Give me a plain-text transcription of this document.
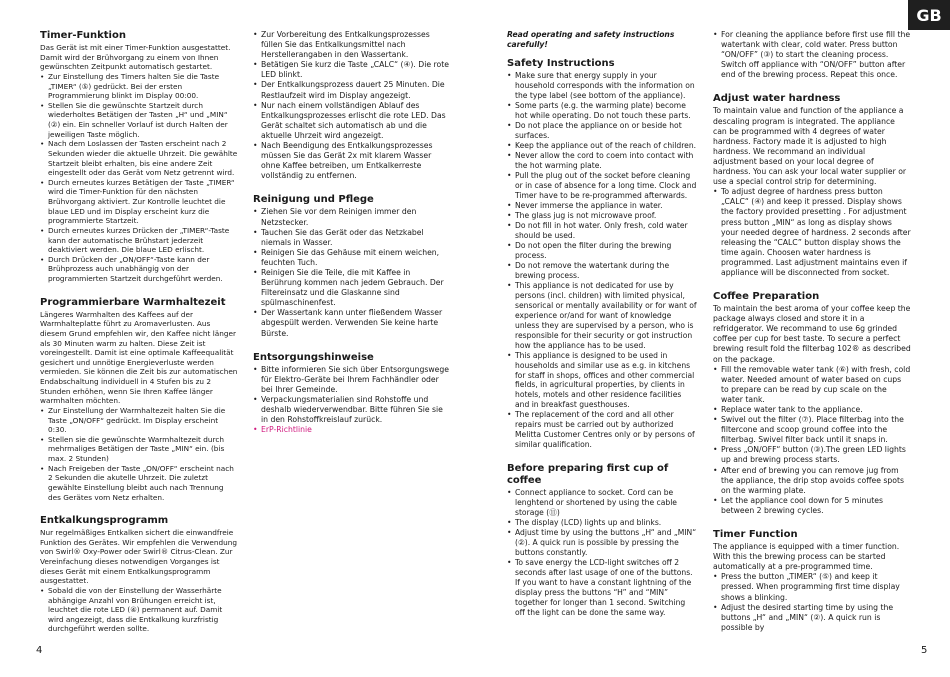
GB
Timer-Funktion

Das Gerät ist mit einer Timer-Funktion ausgestattet. Damit wird der Brühvorgang zu einem von Ihnen gewünschten Zeitpunkt automatisch gestartet.

• Zur Einstellung des Timers halten Sie die Taste „TIMER“ (⑤) gedrückt. Bei der ersten Programmierung blinkt im Display 00:00.
• Stellen Sie die gewünschte Startzeit durch wiederholtes Betätigen der Tasten „H“ und „MIN“ (②) ein. Ein schneller Vorlauf ist durch Halten der jeweiligen Taste möglich.
• Nach dem Loslassen der Tasten erscheint nach 2 Sekunden wieder die aktuelle Uhrzeit. Die gewählte Startzeit bleibt erhalten, bis eine andere Zeit eingestellt oder das Gerät vom Netz getrennt wird.
• Durch erneutes kurzes Betätigen der Taste „TIMER“ wird die Timer-Funktion für den nächsten Brühvorgang aktiviert. Zur Kontrolle leuchtet die blaue LED und im Display erscheint kurz die programmierte Startzeit.
• Durch erneutes kurzes Drücken der „TIMER“-Taste kann der automatische Brühstart jederzeit deaktiviert werden. Die blaue LED erlischt.
• Durch Drücken der „ON/OFF“-Taste kann der Brühprozess auch unabhängig von der programmierten Startzeit durchgeführt werden.
Programmierbare Warmhaltezeit

Längeres Warmhalten des Kaffees auf der Warmhalteplatte führt zu Aromaverlusten. Aus diesem Grund empfehlen wir, den Kaffee nicht länger als 30 Minuten warm zu halten. Diese Zeit ist voreingestellt. Damit ist eine optimale Kaffeequalität gesichert und unnötige Energieverluste werden vermieden. Sie können die Zeit bis zur automatischen Endabschaltung individuell in 4 Stufen bis zu 2 Stunden erhöhen, wenn Sie Ihren Kaffee länger warmhalten möchten.

• Zur Einstellung der Warmhaltezeit halten Sie die Taste „ON/OFF“ gedrückt. Im Display erscheint 0:30.
• Stellen sie die gewünschte Warmhaltezeit durch mehrmaliges Betätigen der Taste „MIN“ ein. (bis max. 2 Stunden)
• Nach Freigeben der Taste „ON/OFF“ erscheint nach 2 Sekunden die akutelle Uhrzeit. Die zuletzt gewählte Einstellung bleibt auch nach Trennung des Gerätes vom Netz erhalten.
Entkalkungsprogramm

Nur regelmäßiges Entkalken sichert die einwandfreie Funktion des Gerätes. Wir empfehlen die Verwendung von Swirl® Oxy-Power oder Swirl® Citrus-Clean. Zur Vereinfachung dieses notwendigen Vorganges ist dieses Gerät mit einem Entkalkungsprogramm ausgestattet.

• Sobald die von der Einstellung der Wasserhärte abhängige Anzahl von Brühungen erreicht ist, leuchtet die rote LED (④) permanent auf. Damit wird angezeigt, dass die Entkalkung kurzfristig durchgeführt werden sollte.
• Zur Vorbereitung des Entkalkungsprozesses füllen Sie das Entkalkungsmittel nach Herstellerangaben in den Wassertank.
• Betätigen Sie kurz die Taste „CALC“ (④). Die rote LED blinkt.
• Der Entkalkungsprozess dauert 25 Minuten. Die Restlaufzeit wird im Display angezeigt.
• Nur nach einem vollständigen Ablauf des Entkalkungsprozesses erlischt die rote LED. Das Gerät schaltet sich automatisch ab und die aktuelle Uhrzeit wird angezeigt.
• Nach Beendigung des Entkalkungsprozesses müssen Sie das Gerät 2x mit klarem Wasser ohne Kaffee betreiben, um Entkalkerreste vollständig zu entfernen.
Reinigung und Pflege
• Ziehen Sie vor dem Reinigen immer den Netzstecker.
• Tauchen Sie das Gerät oder das Netzkabel niemals in Wasser.
• Reinigen Sie das Gehäuse mit einem weichen, feuchten Tuch.
• Reinigen Sie die Teile, die mit Kaffee in Berührung kommen nach jedem Gebrauch. Der Filtereinsatz und die Glaskanne sind spülmaschinenfest.
• Der Wassertank kann unter fließendem Wasser abgespült werden. Verwenden Sie keine harte Bürste.
Entsorgungshinweise
• Bitte informieren Sie sich über Entsorgungswege für Elektro-Geräte bei Ihrem Fachhändler oder bei Ihrer Gemeinde.
• Verpackungsmaterialien sind Rohstoffe und deshalb wiederverwendbar. Bitte führen Sie sie in den Rohstoffkreislauf zurück.
• ErP-Richtlinie

Read operating and safety instructions carefully!

Safety Instructions
• Make sure that energy supply in your household corresponds with the information on the type label (see bottom of the appliance).
• Some parts (e.g. the warming plate) become hot while operating. Do not touch these parts.
• Do not place the appliance on or beside hot surfaces.
• Keep the appliance out of the reach of children.
• Never allow the cord to coem into contact with the hot warming plate.
• Pull the plug out of the socket before cleaning or in case of absence for a long time. Clock and Timer have to be re-programmed afterwards.
• Never immerse the appliance in water.
• The glass jug is not microwave proof.
• Do not fill in hot water. Only fresh, cold water should be used.
• Do not open the filter during the brewing process.
• Do not remove the watertank during the brewing process.
• This appliance is not dedicated for use by persons (incl. children) with limited physical, sensorical or mentally availability or for want of experience or/and for want of knowledge unless they are supervised by a person, who is responsible for their security or got instruction how the appliance has to be used.
• This appliance is designed to be used in households and similar use as e.g. in kitchens for staff in shops, offices and other commercial fields, in agricultural properties, by clients in hotels, motels and other residence facilities and in breakfast guesthouses.
• The replacement of the cord and all other repairs must be carried out by authorized Melitta Customer Centres only or by persons of similar qualification.
Before preparing first cup of coffee
• Connect appliance to socket. Cord can be lenghtend or shortened by using the cable storage (⑪)
• The display (LCD) lights up and blinks.
• Adjust time by using the buttons „H“ and „MIN“ (②). A quick run is possible by pressing the buttons constantly.
• To save energy the LCD-light switches off 2 seconds after last usage of one of the buttons. If you want to have a constant lightning of the display press the buttons “H” and “MIN” together for longer than 1 second. Switching off the light can be done the same way.
• For cleaning the appliance before first use fill the watertank with clear, cold water. Press button “ON/OFF” (③) to start the cleaning process. Switch off appliance with “ON/OFF” button after end of the brewing process. Repeat this once.
Adjust water hardness

To maintain value and function of the appliance a descaling program is integrated. The appliance can be programmed with 4 degrees of water hardness. Factory made it is adjusted to high hardness. We recommand an individual adjustment based on your local degree of hardness. You can ask your local water supplier or use a special control strip for determining.

• To adjust degree of hardness press button „CALC“ (④) and keep it pressed. Display shows the factory provided presetting . For adjustment press button „MIN“ as long as display shows your needed degree of hardness. 2 seconds after releasing the “CALC” button display shows the time again. Choosen water hardness is programmed. Last adjustment maintains even if appliance will be disconnected from socket.
Coffee Preparation

To maintain the best aroma of your coffee keep the package always closed and store it in a refridgerator. We recommand to use 6g grinded coffee per cup for best taste. To secure a perfect brewing result fold the filterbag 102® as described on the package.

• Fill the removable water tank (⑥) with fresh, cold water. Needed amount of water based on cups to prepare can be read by cup scale on the water tank.
• Replace water tank to the appliance.
• Swivel out the filter (⑦). Place filterbag into the filtercone and scoop ground coffee into the filterbag. Swivel filter back until it snaps in.
• Press „ON/OFF“ button (③).The green LED lights up and brewing process starts.
• After end of brewing you can remove jug from the appliance, the drip stop avoids coffee spots on the warming plate.
• Let the appliance cool down for 5 minutes between 2 brewing cycles.
Timer Function

The appliance is equipped with a timer function. With this the brewing process can be started automatically at a pre-programmed time.

• Press the button „TIMER“ (⑤) and keep it pressed. When programming first time display shows a blinking.
• Adjust the desired starting time by using the buttons „H“ and „MIN“ (②). A quick run is possible by
4	5
